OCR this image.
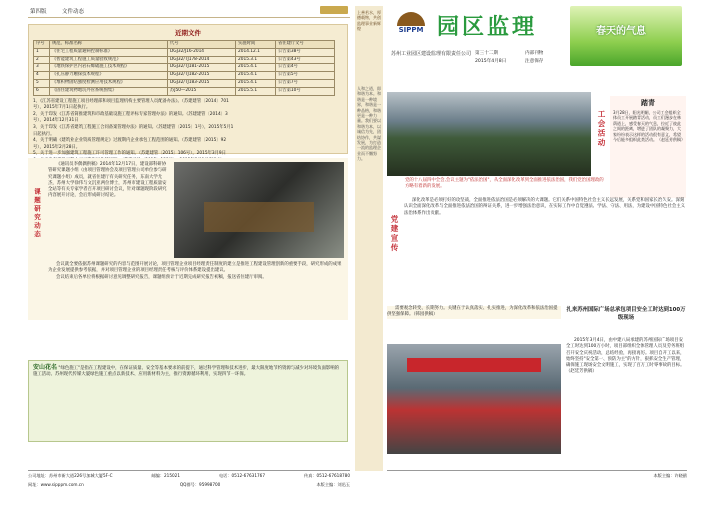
第四版	文件动态
近期文件
序号	规范、标准名称	代号	实施时间	省住建厅文号
1	《住宅工程质量通病控制标准》	DGJ32/J16-2014	2014.12.1	公告第38号
2	《智能建筑工程施工质量验收规范》	DGJ32/TJ178-2014	2015.3.1	公告第43号
3	《地铁保护区内岩石爆破施工技术规程》	DGJ32/TJ181-2015	2015.4.1	公告第4号
4	《孔压静力触探技术规程》	DGJ32/TJ182-2015	2015.4.1	公告第5号
5	《堆积物固结强度检测应用技术规程》	DGJ32/TJ183-2015	2015.4.1	公告第7号
6	《固住建筑物地坑外管系统图集》	苏J50—2015	2015.5.1	公告第10号

1、《江苏省建设工程施工项目经理部和项目监理机构主要管理人员配备办法》。（苏建建管〔2014〕701

号），2015年7月1日起执行。

2、关于印发《江苏省简推建筑和市政基础设施工程评标专家管理办法》的通知。（苏建建管〔2014〕3

号），2014年12月31日

3、关于印发《江苏省建筑工程施工合同备案管理办法》的通知。（苏建建管〔2015〕1号），2015年5月1

日起执行。

4、关于明确《建筑业企业资质管理规定》过渡期内企业承包工程范围的通知。（苏建建管〔2015〕92

号），2015年2月28日。

5、关于进一步加强建筑工程施工许可管理工作的通知。（苏建建管〔2015〕106号），2015年3月9日

课题研究动态

《通讯员李偶偶供稿》2014年12月17日，建设部科研协管研究课题小组（由项目管理协会及项目管理公司单位参与研究课题小组）成员，就省住建厅有关研究任务，东南大学尤杰，苏州大学徐伟与文沉亚两位博士，苏州市建设工程质量安全站等有关专家学者召开项目研讨会议，针对课题现阶段研究内容展开讨论，会后形成研讨结论。

会议就全要依据苏州课题研究的内容与范围开展讨论，项目管理企业项目经理责任制度的建立是推进工程建设管理创新的重要手段，研究形成的成果为企业发展提供参考依据，并对项目管理企业的项目经理责任考核与评价体系建设提出建议。

会议结束后各单位将根据研讨意见调整研究报告，课题组预计于近期完成研究报告初稿，报送省住建厅审阅。

安山花名 "绿色施工"是指在工程建设中，在保证质量、安全等基本要求的前提下，通过科学管理和技术进步，最大限度地节约资源与减少对环境负面影响的施工活动。苏州现代传媒大厦绿色施工重点以新技术、应用新材料为主，推行资源循环利用，实现四节一环保。

公司地址：苏州市新大道226号加城大厦5F-C	邮编：215021	电话：0512-67631767	传真：0512-67618780
网址：www.sipppm.com.cn	QQ群号：95998700	本版主编：刘迅玉
上善若水，厚德载物，共创监理事业新辉煌
人和之道，即和谐为本。和谐是一种境界，和谐是一种品格，和谐更是一种力量。我们要以和谐为本，以诚信为先，团结协作，共谋发展，为打造一流的监理企业而不懈努力。
SIPPM 园区监理
苏州工业园区建设监理有限责任公司 第三十二期
2015年4月8日
内部刊物
注意保存
春天的气息
工会活动
踏青
3月28日，阳光明媚，公司工会组织全体员工开展踏青活动，员工们漫步在林荫道上，感受春天的气息，拉近了彼此之间的距离，增进了团队的凝聚力，大家纷纷表示这样的活动很有意义，希望今后能多组织此类活动。（赵廷芳供稿）
党的十八届四中全会,会议主题为"依法治国"，从全面深化改革到全面推进依法治国，我们党治国理政的方略有着新的发展。
党建宣传

深化改革是必须打好的攻坚战，全面推进依法治国是必须解决的大课题。它们关系中国特色社会主义长远发展，关系党和国家长治久安。深刻认识全面深化改革与全面推进依法治国的辩证关系，进一步增强法治意识，在实际工作中自觉遵法、学法、守法、用法，为建设中国特色社会主义法治体系作出贡献。

需要观念转变、长期努力。关键在于认真落实、扎实推进，为深化改革和依法治国提供坚强保障。（韩园供稿）

扎来苏州国际广场总承包项目安全工时达到100万级现场

2015年3月4日，由中建八局承建的苏州国际广场项目安全工时达到100万小时，项目部组织全体管理人员及劳务班组召开安全庆祝活动，总结经验，再接再厉。项目自开工以来，始终坚持"安全第一、预防为主"的方针，狠抓安全生产管理，确保施工现场安全文明施工，实现了百万工时零事故的目标。（赵廷芳供稿）

本版主编：许晓鹃
